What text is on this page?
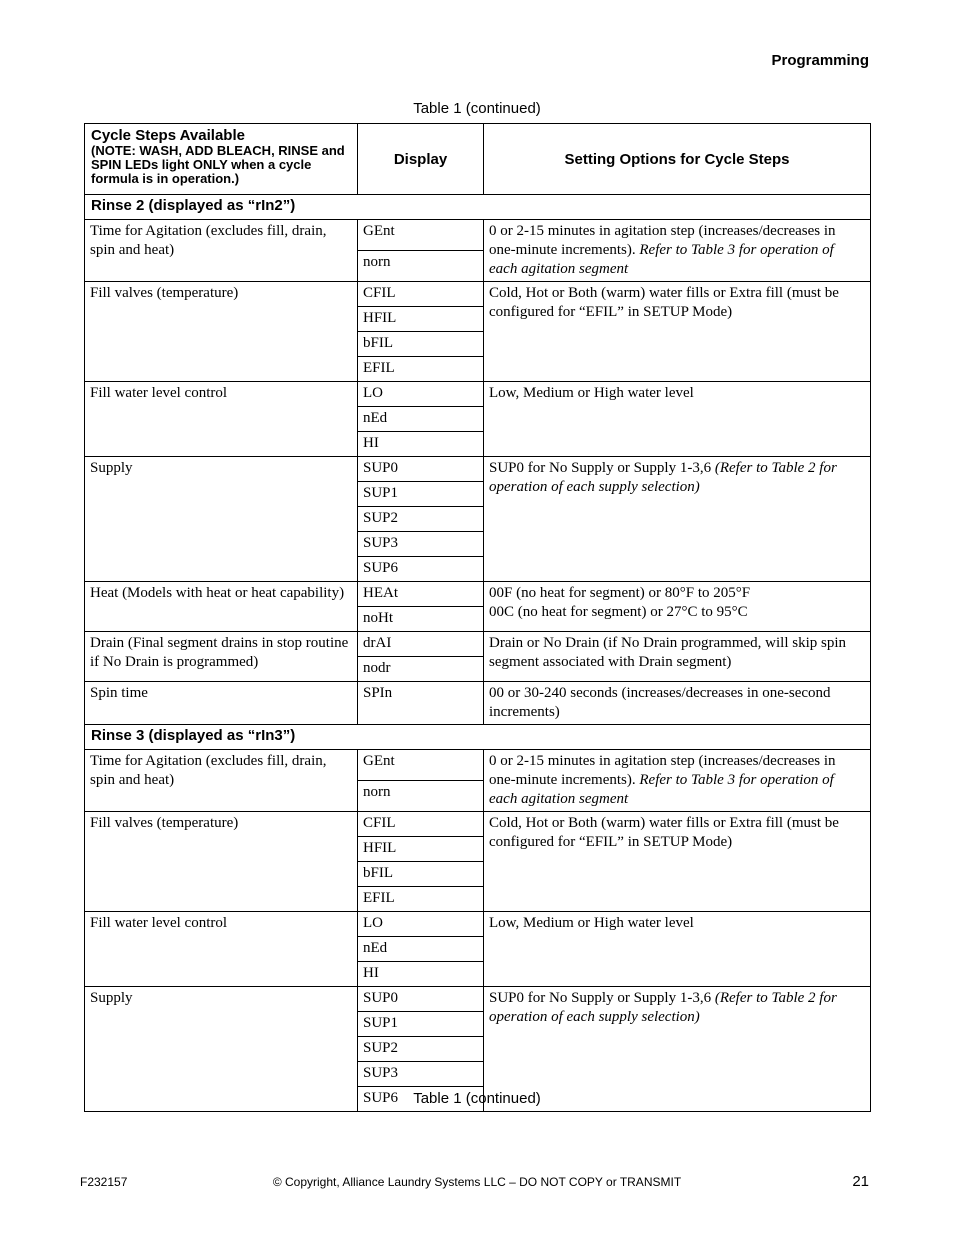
Programming
Table 1 (continued)
Cycle Steps Available
(NOTE: WASH, ADD BLEACH, RINSE and SPIN LEDs light ONLY when a cycle formula is in operation.)	Display	Setting Options for Cycle Steps
Rinse 2 (displayed as “rIn2”)		
Time for Agitation (excludes fill, drain, spin and heat)	GEnt	0 or 2-15 minutes in agitation step (increases/decreases in one-minute increments). Refer to Table 3 for operation of each agitation segment
	norn	
Fill valves (temperature)	CFIL	Cold, Hot or Both (warm) water fills or Extra fill (must be configured for “EFIL” in SETUP Mode)
	HFIL	
	bFIL	
	EFIL	
Fill water level control	LO	Low, Medium or High water level
	nEd	
	HI	
Supply	SUP0	SUP0 for No Supply or Supply 1-3,6 (Refer to Table 2 for operation of each supply selection)
	SUP1	
	SUP2	
	SUP3	
	SUP6	
Heat (Models with heat or heat capability)	HEAt	00F (no heat for segment) or 80°F to 205°F
00C (no heat for segment) or 27°C to 95°C
	noHt	
Drain (Final segment drains in stop routine if No Drain is programmed)	drAI	Drain or No Drain (if No Drain programmed, will skip spin segment associated with Drain segment)
	nodr	
Spin time	SPIn	00 or 30-240 seconds (increases/decreases in one-second increments)
Rinse 3 (displayed as “rIn3”)		
Time for Agitation (excludes fill, drain, spin and heat)	GEnt	0 or 2-15 minutes in agitation step (increases/decreases in one-minute increments). Refer to Table 3 for operation of each agitation segment
	norn	
Fill valves (temperature)	CFIL	Cold, Hot or Both (warm) water fills or Extra fill (must be configured for “EFIL” in SETUP Mode)
	HFIL	
	bFIL	
	EFIL	
Fill water level control	LO	Low, Medium or High water level
	nEd	
	HI	
Supply	SUP0	SUP0 for No Supply or Supply 1-3,6 (Refer to Table 2 for operation of each supply selection)
	SUP1	
	SUP2	
	SUP3	
	SUP6		Table 1 (continued)
F232157	© Copyright, Alliance Laundry Systems LLC – DO NOT COPY or TRANSMIT	21
